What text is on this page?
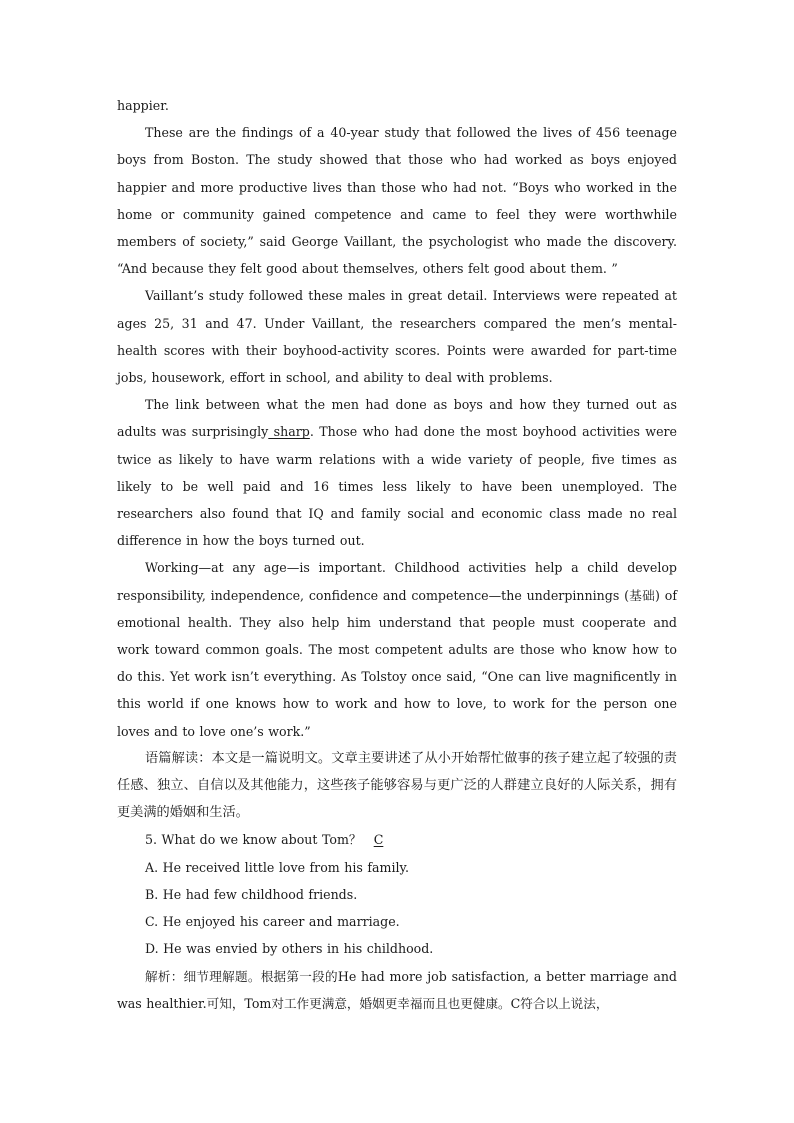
happier.

These are the findings of a 40-year study that followed the lives of 456 teenage boys from Boston. The study showed that those who had worked as boys enjoyed happier and more productive lives than those who had not. “Boys who worked in the home or community gained competence and came to feel they were worthwhile members of society,” said George Vaillant, the psychologist who made the discovery. “And because they felt good about themselves, others felt good about them. ”

Vaillant’s study followed these males in great detail. Interviews were repeated at ages 25, 31 and 47. Under Vaillant, the researchers compared the men’s mental-health scores with their boyhood-activity scores. Points were awarded for part-time jobs, housework, effort in school, and ability to deal with problems.

The link between what the men had done as boys and how they turned out as adults was surprisingly sharp. Those who had done the most boyhood activities were twice as likely to have warm relations with a wide variety of people, five times as likely to be well paid and 16 times less likely to have been unemployed. The researchers also found that IQ and family social and economic class made no real difference in how the boys turned out.

Working—at any age—is important. Childhood activities help a child develop responsibility, independence, confidence and competence—the underpinnings (基础) of emotional health. They also help him understand that people must cooperate and work toward common goals. The most competent adults are those who know how to do this. Yet work isn’t everything. As Tolstoy once said, “One can live magnificently in this world if one knows how to work and how to love, to work for the person one loves and to love one’s work.”

语篇解读：本文是一篇说明文。文章主要讲述了从小开始帮忙做事的孩子建立起了较强的责任感、独立、自信以及其他能力，这些孩子能够容易与更广泛的人群建立良好的人际关系，拥有更美满的婚姻和生活。

5. What do we know about Tom？ C

A. He received little love from his family.

B. He had few childhood friends.

C. He enjoyed his career and marriage.

D. He was envied by others in his childhood.

解析：细节理解题。根据第一段的He had more job satisfaction, a better marriage and was healthier.可知，Tom对工作更满意，婚姻更幸福而且也更健康。C符合以上说法，
